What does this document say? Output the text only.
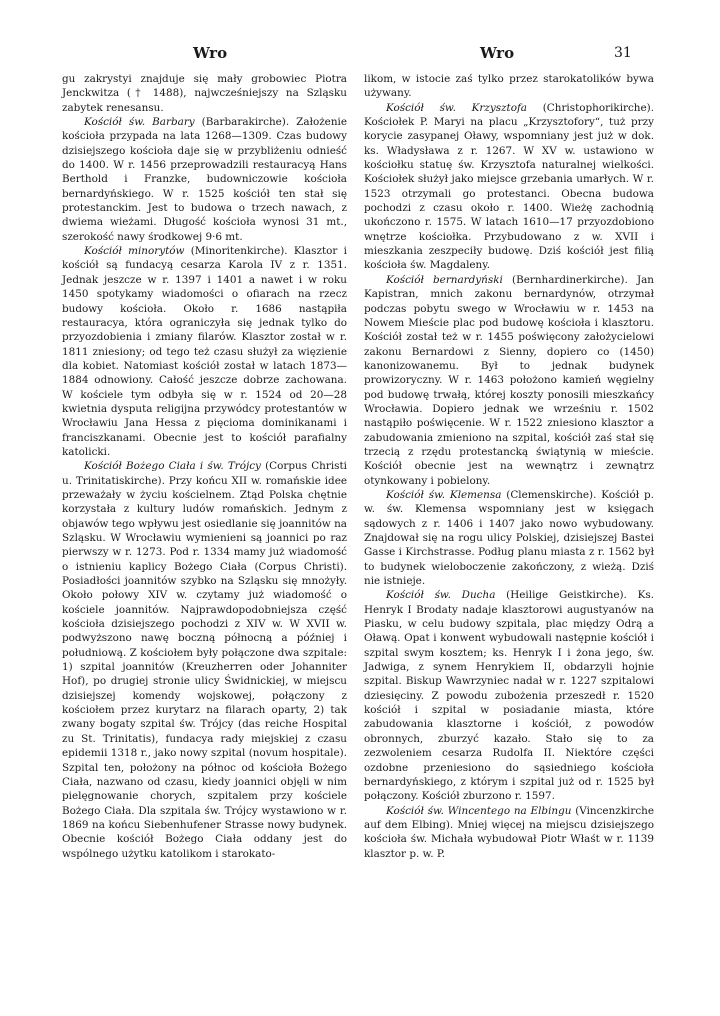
Wro	Wro	31

gu zakrystyi znajduje się mały grobowiec Piotra Jenckwitza († 1488), najwcześniejszy na Szląsku zabytek renesansu.

Kościół św. Barbary (Barbarakirche). Założenie kościoła przypada na lata 1268—1309. Czas budowy dzisiejszego kościoła daje się w przybliżeniu odnieść do 1400. W r. 1456 przeprowadzili restauracyą Hans Berthold i Franzke, budowniczowie kościoła bernardyńskiego. W r. 1525 kościół ten stał się protestanckim. Jest to budowa o trzech nawach, z dwiema wieżami. Długość kościoła wynosi 31 mt., szerokość nawy środkowej 9·6 mt.

Kościół minorytów (Minoritenkirche). Klasztor i kościół są fundacyą cesarza Karola IV z r. 1351. Jednak jeszcze w r. 1397 i 1401 a nawet i w roku 1450 spotykamy wiadomości o ofiarach na rzecz budowy kościoła. Około r. 1686 nastąpiła restauracya, która ograniczyła się jednak tylko do przyozdobienia i zmiany filarów. Klasztor został w r. 1811 zniesiony; od tego też czasu służył za więzienie dla kobiet. Natomiast kościół został w latach 1873—1884 odnowiony. Całość jeszcze dobrze zachowana. W kościele tym odbyła się w r. 1524 od 20—28 kwietnia dysputa religijna przywódcy protestantów w Wrocławiu Jana Hessa z pięcioma dominikanami i franciszkanami. Obecnie jest to kościół parafialny katolicki.

Kościół Bożego Ciała i św. Trójcy (Corpus Christi u. Trinitatiskirche). Przy końcu XII w. romańskie idee przeważały w życiu kościelnem. Ztąd Polska chętnie korzystała z kultury ludów romańskich. Jednym z objawów tego wpływu jest osiedlanie się joannitów na Szląsku. W Wrocławiu wymienieni są joannici po raz pierwszy w r. 1273. Pod r. 1334 mamy już wiadomość o istnieniu kaplicy Bożego Ciała (Corpus Christi). Posiadłości joannitów szybko na Szląsku się mnożyły. Około połowy XIV w. czytamy już wiadomość o kościele joannitów. Najprawdopodobniejsza część kościoła dzisiejszego pochodzi z XIV w. W XVII w. podwyższono nawę boczną północną a później i południową. Z kościołem były połączone dwa szpitale: 1) szpital joannitów (Kreuzherren oder Johanniter Hof), po drugiej stronie ulicy Świdnickiej, w miejscu dzisiejszej komendy wojskowej, połączony z kościołem przez kurytarz na filarach oparty, 2) tak zwany bogaty szpital św. Trójcy (das reiche Hospital zu St. Trinitatis), fundacya rady miejskiej z czasu epidemii 1318 r., jako nowy szpital (novum hospitale). Szpital ten, położony na północ od kościoła Bożego Ciała, nazwano od czasu, kiedy joannici objęli w nim pielęgnowanie chorych, szpitalem przy kościele Bożego Ciała. Dla szpitala św. Trójcy wystawiono w r. 1869 na końcu Siebenhufener Strasse nowy budynek. Obecnie kościół Bożego Ciała oddany jest do wspólnego użytku katolikom i starokato-

likom, w istocie zaś tylko przez starokatolików bywa używany.

Kościół św. Krzysztofa (Christophorikirche). Kościołek P. Maryi na placu „Krzysztofory“, tuż przy korycie zasypanej Oławy, wspomniany jest już w dok. ks. Władysława z r. 1267. W XV w. ustawiono w kościołku statuę św. Krzysztofa naturalnej wielkości. Kościołek służył jako miejsce grzebania umarłych. W r. 1523 otrzymali go protestanci. Obecna budowa pochodzi z czasu około r. 1400. Wieżę zachodnią ukończono r. 1575. W latach 1610—17 przyozdobiono wnętrze kościołka. Przybudowano z w. XVII i mieszkania zeszpeciły budowę. Dziś kościół jest filią kościoła św. Magdaleny.

Kościół bernardyński (Bernhardinerkirche). Jan Kapistran, mnich zakonu bernardynów, otrzymał podczas pobytu swego w Wrocławiu w r. 1453 na Nowem Mieście plac pod budowę kościoła i klasztoru. Kościół został też w r. 1455 poświęcony założycielowi zakonu Bernardowi z Sienny, dopiero co (1450) kanonizowanemu. Był to jednak budynek prowizoryczny. W r. 1463 położono kamień węgielny pod budowę trwałą, której koszty ponosili mieszkańcy Wrocławia. Dopiero jednak we wrześniu r. 1502 nastąpiło poświęcenie. W r. 1522 zniesiono klasztor a zabudowania zmieniono na szpital, kościół zaś stał się trzecią z rzędu protestancką świątynią w mieście. Kościół obecnie jest na wewnątrz i zewnątrz otynkowany i pobielony.

Kościół św. Klemensa (Clemenskirche). Kościół p. w. św. Klemensa wspomniany jest w księgach sądowych z r. 1406 i 1407 jako nowo wybudowany. Znajdował się na rogu ulicy Polskiej, dzisiejszej Bastei Gasse i Kirchstrasse. Podług planu miasta z r. 1562 był to budynek wieloboczenie zakończony, z wieżą. Dziś nie istnieje.

Kościół św. Ducha (Heilige Geistkirche). Ks. Henryk I Brodaty nadaje klasztorowi augustyanów na Piasku, w celu budowy szpitala, plac między Odrą a Oławą. Opat i konwent wybudowali następnie kościół i szpital swym kosztem; ks. Henryk I i żona jego, św. Jadwiga, z synem Henrykiem II, obdarzyli hojnie szpital. Biskup Wawrzyniec nadał w r. 1227 szpitalowi dziesięciny. Z powodu zubożenia przeszedł r. 1520 kościół i szpital w posiadanie miasta, które zabudowania klasztorne i kościół, z powodów obronnych, zburzyć kazało. Stało się to za zezwoleniem cesarza Rudolfa II. Niektóre części ozdobne przeniesiono do sąsiedniego kościoła bernardyńskiego, z którym i szpital już od r. 1525 był połączony. Kościół zburzono r. 1597.

Kościół św. Wincentego na Elbingu (Vincenzkirche auf dem Elbing). Mniej więcej na miejscu dzisiejszego kościoła św. Michała wybudował Piotr Właśt w r. 1139 klasztor p. w. P.
